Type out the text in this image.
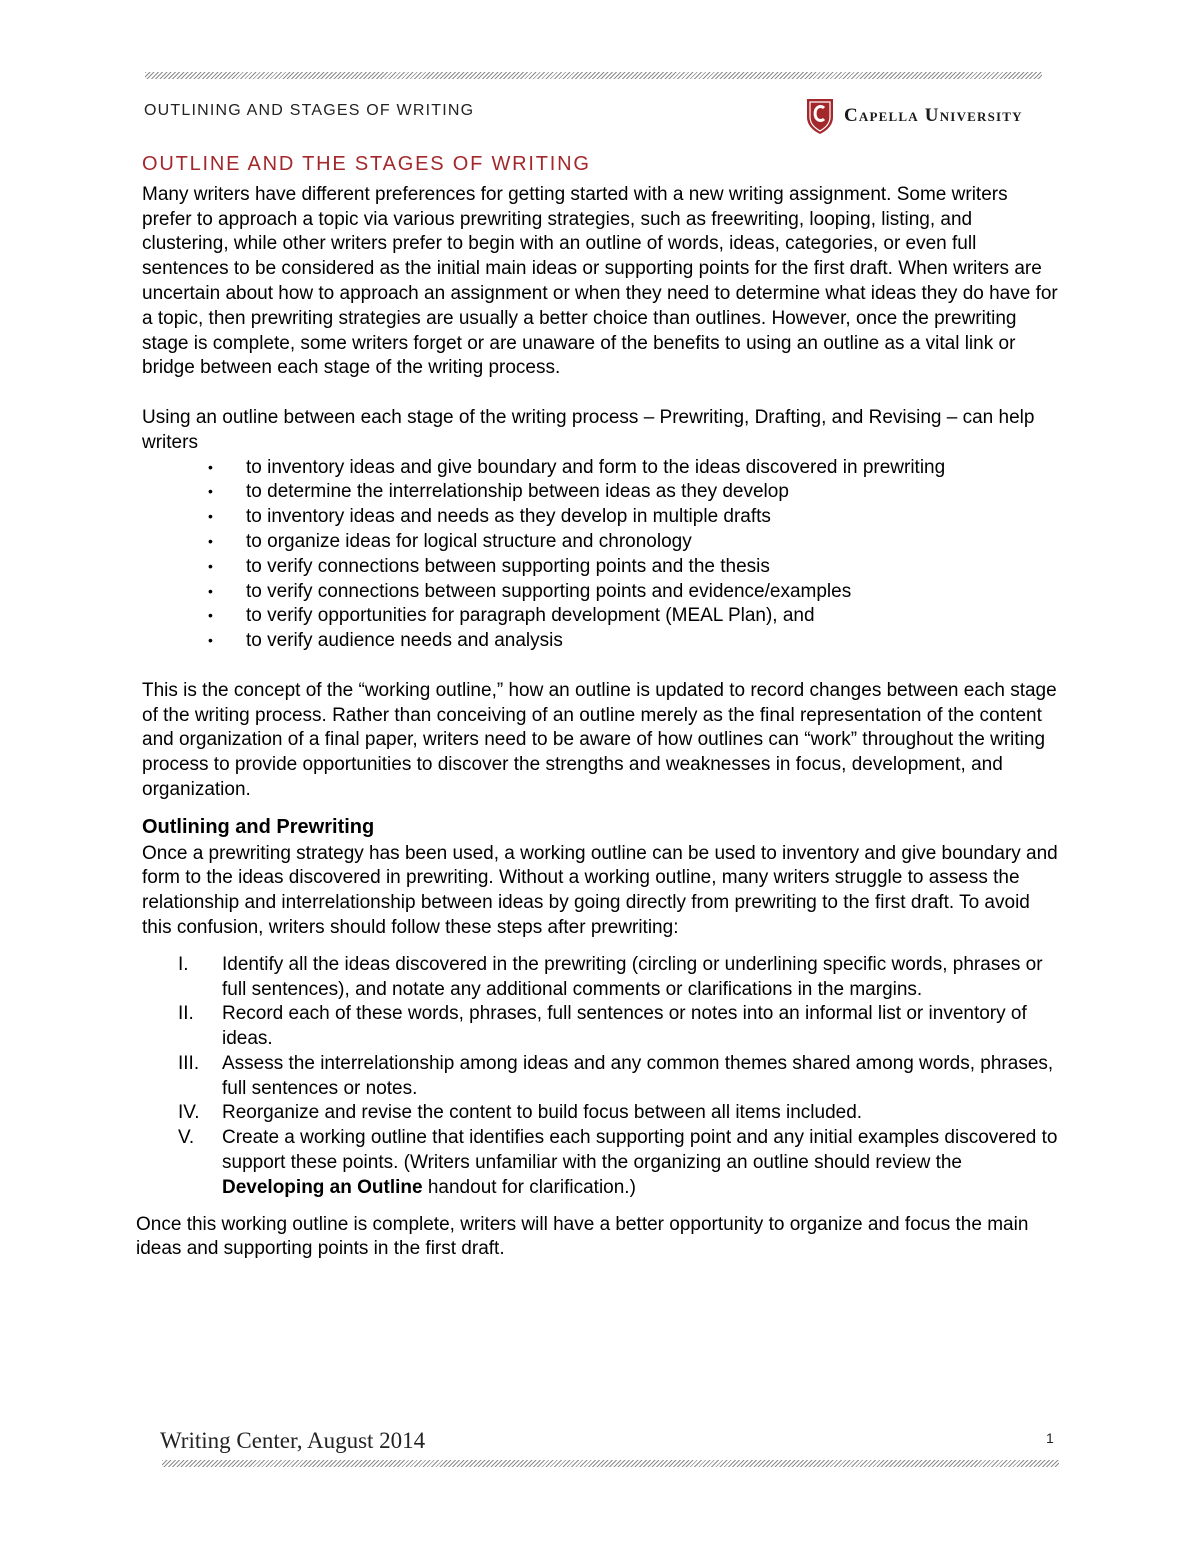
OUTLINING AND STAGES OF WRITING	Capella University
OUTLINE AND THE STAGES OF WRITING

Many writers have different preferences for getting started with a new writing assignment. Some writers prefer to approach a topic via various prewriting strategies, such as freewriting, looping, listing, and clustering, while other writers prefer to begin with an outline of words, ideas, categories, or even full sentences to be considered as the initial main ideas or supporting points for the first draft. When writers are uncertain about how to approach an assignment or when they need to determine what ideas they do have for a topic, then prewriting strategies are usually a better choice than outlines. However, once the prewriting stage is complete, some writers forget or are unaware of the benefits to using an outline as a vital link or bridge between each stage of the writing process.

Using an outline between each stage of the writing process – Prewriting, Drafting, and Revising – can help writers

• to inventory ideas and give boundary and form to the ideas discovered in prewriting
• to determine the interrelationship between ideas as they develop
• to inventory ideas and needs as they develop in multiple drafts
• to organize ideas for logical structure and chronology
• to verify connections between supporting points and the thesis
• to verify connections between supporting points and evidence/examples
• to verify opportunities for paragraph development (MEAL Plan), and
• to verify audience needs and analysis

This is the concept of the “working outline,” how an outline is updated to record changes between each stage of the writing process. Rather than conceiving of an outline merely as the final representation of the content and organization of a final paper, writers need to be aware of how outlines can “work” throughout the writing process to provide opportunities to discover the strengths and weaknesses in focus, development, and organization.

Outlining and Prewriting

Once a prewriting strategy has been used, a working outline can be used to inventory and give boundary and form to the ideas discovered in prewriting. Without a working outline, many writers struggle to assess the relationship and interrelationship between ideas by going directly from prewriting to the first draft. To avoid this confusion, writers should follow these steps after prewriting:

I.	Identify all the ideas discovered in the prewriting (circling or underlining specific words, phrases or full sentences), and notate any additional comments or clarifications in the margins.
II.	Record each of these words, phrases, full sentences or notes into an informal list or inventory of ideas.
III.	Assess the interrelationship among ideas and any common themes shared among words, phrases, full sentences or notes.
IV.	Reorganize and revise the content to build focus between all items included.
V.	Create a working outline that identifies each supporting point and any initial examples discovered to support these points. (Writers unfamiliar with the organizing an outline should review the Developing an Outline handout for clarification.)

Once this working outline is complete, writers will have a better opportunity to organize and focus the main ideas and supporting points in the first draft.

Writing Center, August 2014	1
